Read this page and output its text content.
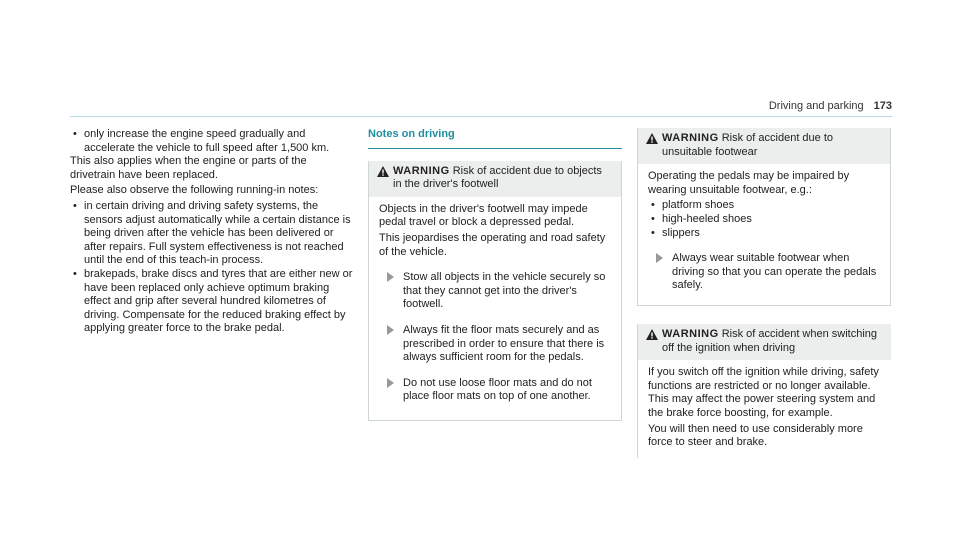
Driving and parking 173
• only increase the engine speed gradually and accelerate the vehicle to full speed after 1,500 km.

This also applies when the engine or parts of the drivetrain have been replaced.

Please also observe the following running-in notes:

• in certain driving and driving safety systems, the sensors adjust automatically while a certain distance is being driven after the vehicle has been delivered or after repairs. Full system effectiveness is not reached until the end of this teach-in process.
• brakepads, brake discs and tyres that are either new or have been replaced only achieve optimum braking effect and grip after several hundred kilometres of driving. Compensate for the reduced braking effect by applying greater force to the brake pedal.
Notes on driving
WARNING Risk of accident due to objects in the driver's footwell

Objects in the driver's footwell may impede pedal travel or block a depressed pedal.

This jeopardises the operating and road safety of the vehicle.

Stow all objects in the vehicle securely so that they cannot get into the driver's footwell.
Always fit the floor mats securely and as prescribed in order to ensure that there is always sufficient room for the pedals.
Do not use loose floor mats and do not place floor mats on top of one another.
WARNING Risk of accident due to unsuitable footwear

Operating the pedals may be impaired by wearing unsuitable footwear, e.g.:

• platform shoes
• high-heeled shoes
• slippers
Always wear suitable footwear when driving so that you can operate the pedals safely.
WARNING Risk of accident when switching off the ignition when driving

If you switch off the ignition while driving, safety functions are restricted or no longer available. This may affect the power steering system and the brake force boosting, for example.

You will then need to use considerably more force to steer and brake.
